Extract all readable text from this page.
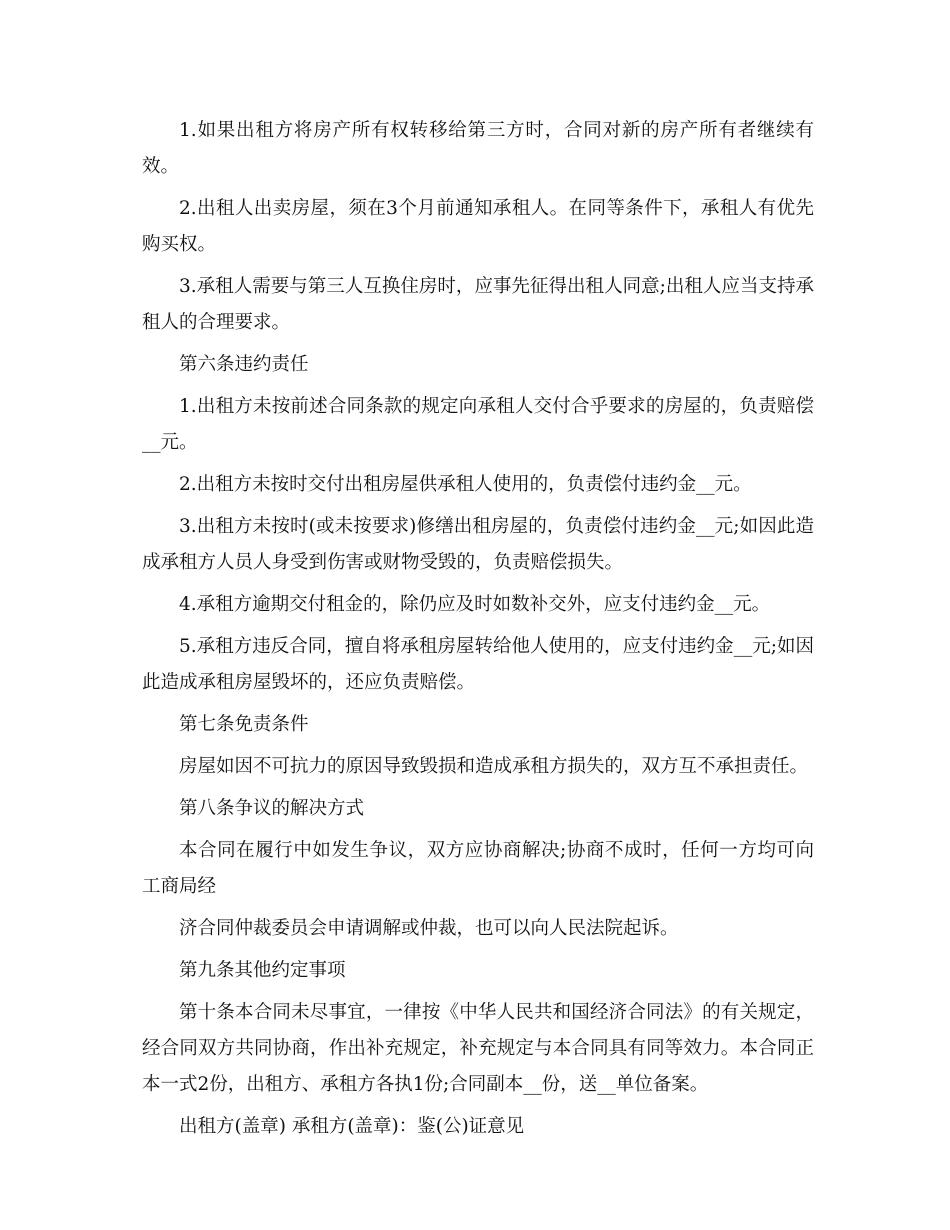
1.如果出租方将房产所有权转移给第三方时，合同对新的房产所有者继续有效。

2.出租人出卖房屋，须在3个月前通知承租人。在同等条件下，承租人有优先购买权。

3.承租人需要与第三人互换住房时，应事先征得出租人同意;出租人应当支持承租人的合理要求。

第六条违约责任

1.出租方未按前述合同条款的规定向承租人交付合乎要求的房屋的，负责赔偿__元。

2.出租方未按时交付出租房屋供承租人使用的，负责偿付违约金__元。

3.出租方未按时(或未按要求)修缮出租房屋的，负责偿付违约金__元;如因此造成承租方人员人身受到伤害或财物受毁的，负责赔偿损失。

4.承租方逾期交付租金的，除仍应及时如数补交外，应支付违约金__元。

5.承租方违反合同，擅自将承租房屋转给他人使用的，应支付违约金__元;如因此造成承租房屋毁坏的，还应负责赔偿。

第七条免责条件

房屋如因不可抗力的原因导致毁损和造成承租方损失的，双方互不承担责任。

第八条争议的解决方式

本合同在履行中如发生争议，双方应协商解决;协商不成时，任何一方均可向工商局经

济合同仲裁委员会申请调解或仲裁，也可以向人民法院起诉。

第九条其他约定事项

第十条本合同未尽事宜，一律按《中华人民共和国经济合同法》的有关规定，经合同双方共同协商，作出补充规定，补充规定与本合同具有同等效力。本合同正本一式2份，出租方、承租方各执1份;合同副本__份，送__单位备案。

出租方(盖章) 承租方(盖章)：鉴(公)证意见
